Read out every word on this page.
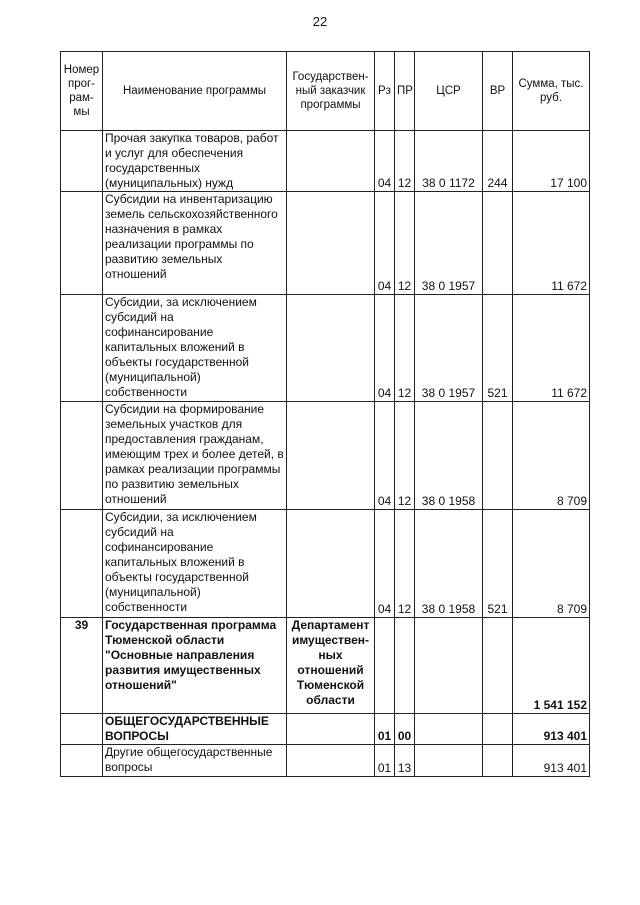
22
Номер прог- рам- мы	Наименование программы	Государствен- ный заказчик программы	Рз	ПР	ЦСР	ВР	Сумма, тыс. руб.
	Прочая закупка товаров, работ и услуг для обеспечения государственных (муниципальных) нужд		04	12	38 0 1172	244	17 100
	Субсидии на инвентаризацию земель сельскохозяйственного назначения в рамках реализации программы по развитию земельных отношений		04	12	38 0 1957		11 672
	Субсидии, за исключением субсидий на софинансирование капитальных вложений в объекты государственной (муниципальной) собственности		04	12	38 0 1957	521	11 672
	Субсидии на формирование земельных участков для предоставления гражданам, имеющим трех и более детей, в рамках реализации программы по развитию земельных отношений		04	12	38 0 1958		8 709
	Субсидии, за исключением субсидий на софинансирование капитальных вложений в объекты государственной (муниципальной) собственности		04	12	38 0 1958	521	8 709
39	Государственная программа Тюменской области "Основные направления развития имущественных отношений"	Департамент имуществен- ных отношений Тюменской области					1 541 152
	ОБЩЕГОСУДАРСТВЕННЫЕ ВОПРОСЫ		01	00			913 401
	Другие общегосударственные вопросы		01	13			913 401
